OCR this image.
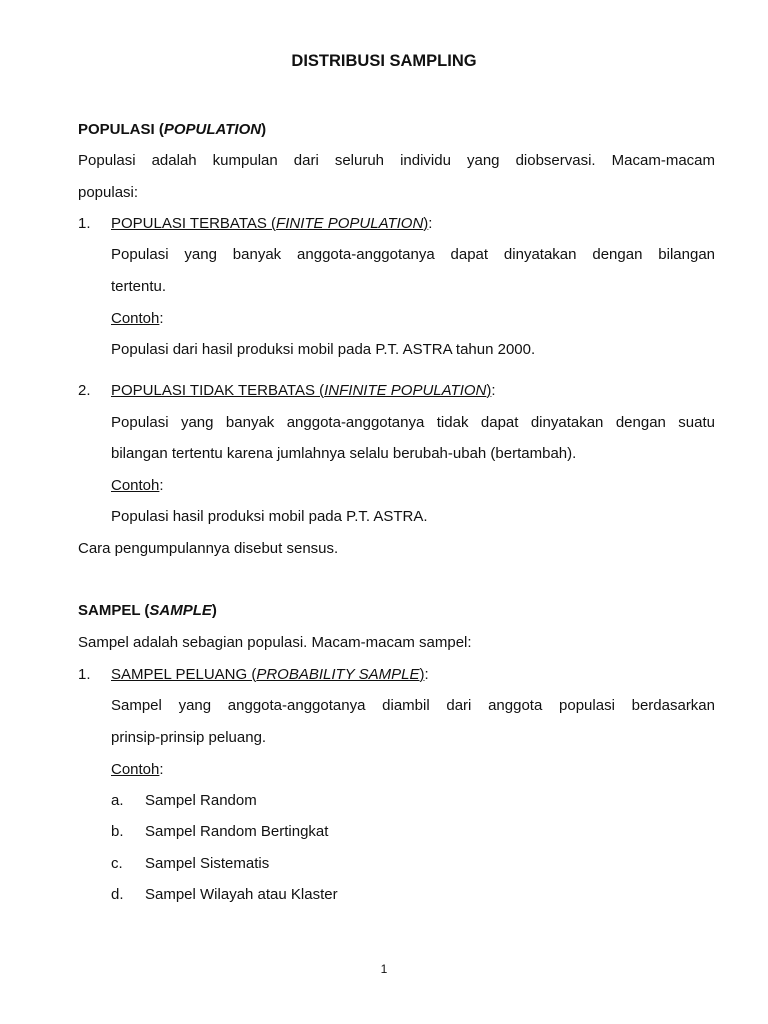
DISTRIBUSI SAMPLING
POPULASI (POPULATION)
Populasi adalah kumpulan dari seluruh individu yang diobservasi. Macam-macam
populasi:
1. POPULASI TERBATAS (FINITE POPULATION):
Populasi yang banyak anggota-anggotanya dapat dinyatakan dengan bilangan
tertentu.
Contoh:
Populasi dari hasil produksi mobil pada P.T. ASTRA tahun 2000.
2. POPULASI TIDAK TERBATAS (INFINITE POPULATION):
Populasi yang banyak anggota-anggotanya tidak dapat dinyatakan dengan suatu
bilangan tertentu karena jumlahnya selalu berubah-ubah (bertambah).
Contoh:
Populasi hasil produksi mobil pada P.T. ASTRA.
Cara pengumpulannya disebut sensus.
SAMPEL (SAMPLE)
Sampel adalah sebagian populasi. Macam-macam sampel:
1. SAMPEL PELUANG (PROBABILITY SAMPLE):
Sampel yang anggota-anggotanya diambil dari anggota populasi berdasarkan
prinsip-prinsip peluang.
Contoh:
a. Sampel Random
b. Sampel Random Bertingkat
c. Sampel Sistematis
d. Sampel Wilayah atau Klaster
1
